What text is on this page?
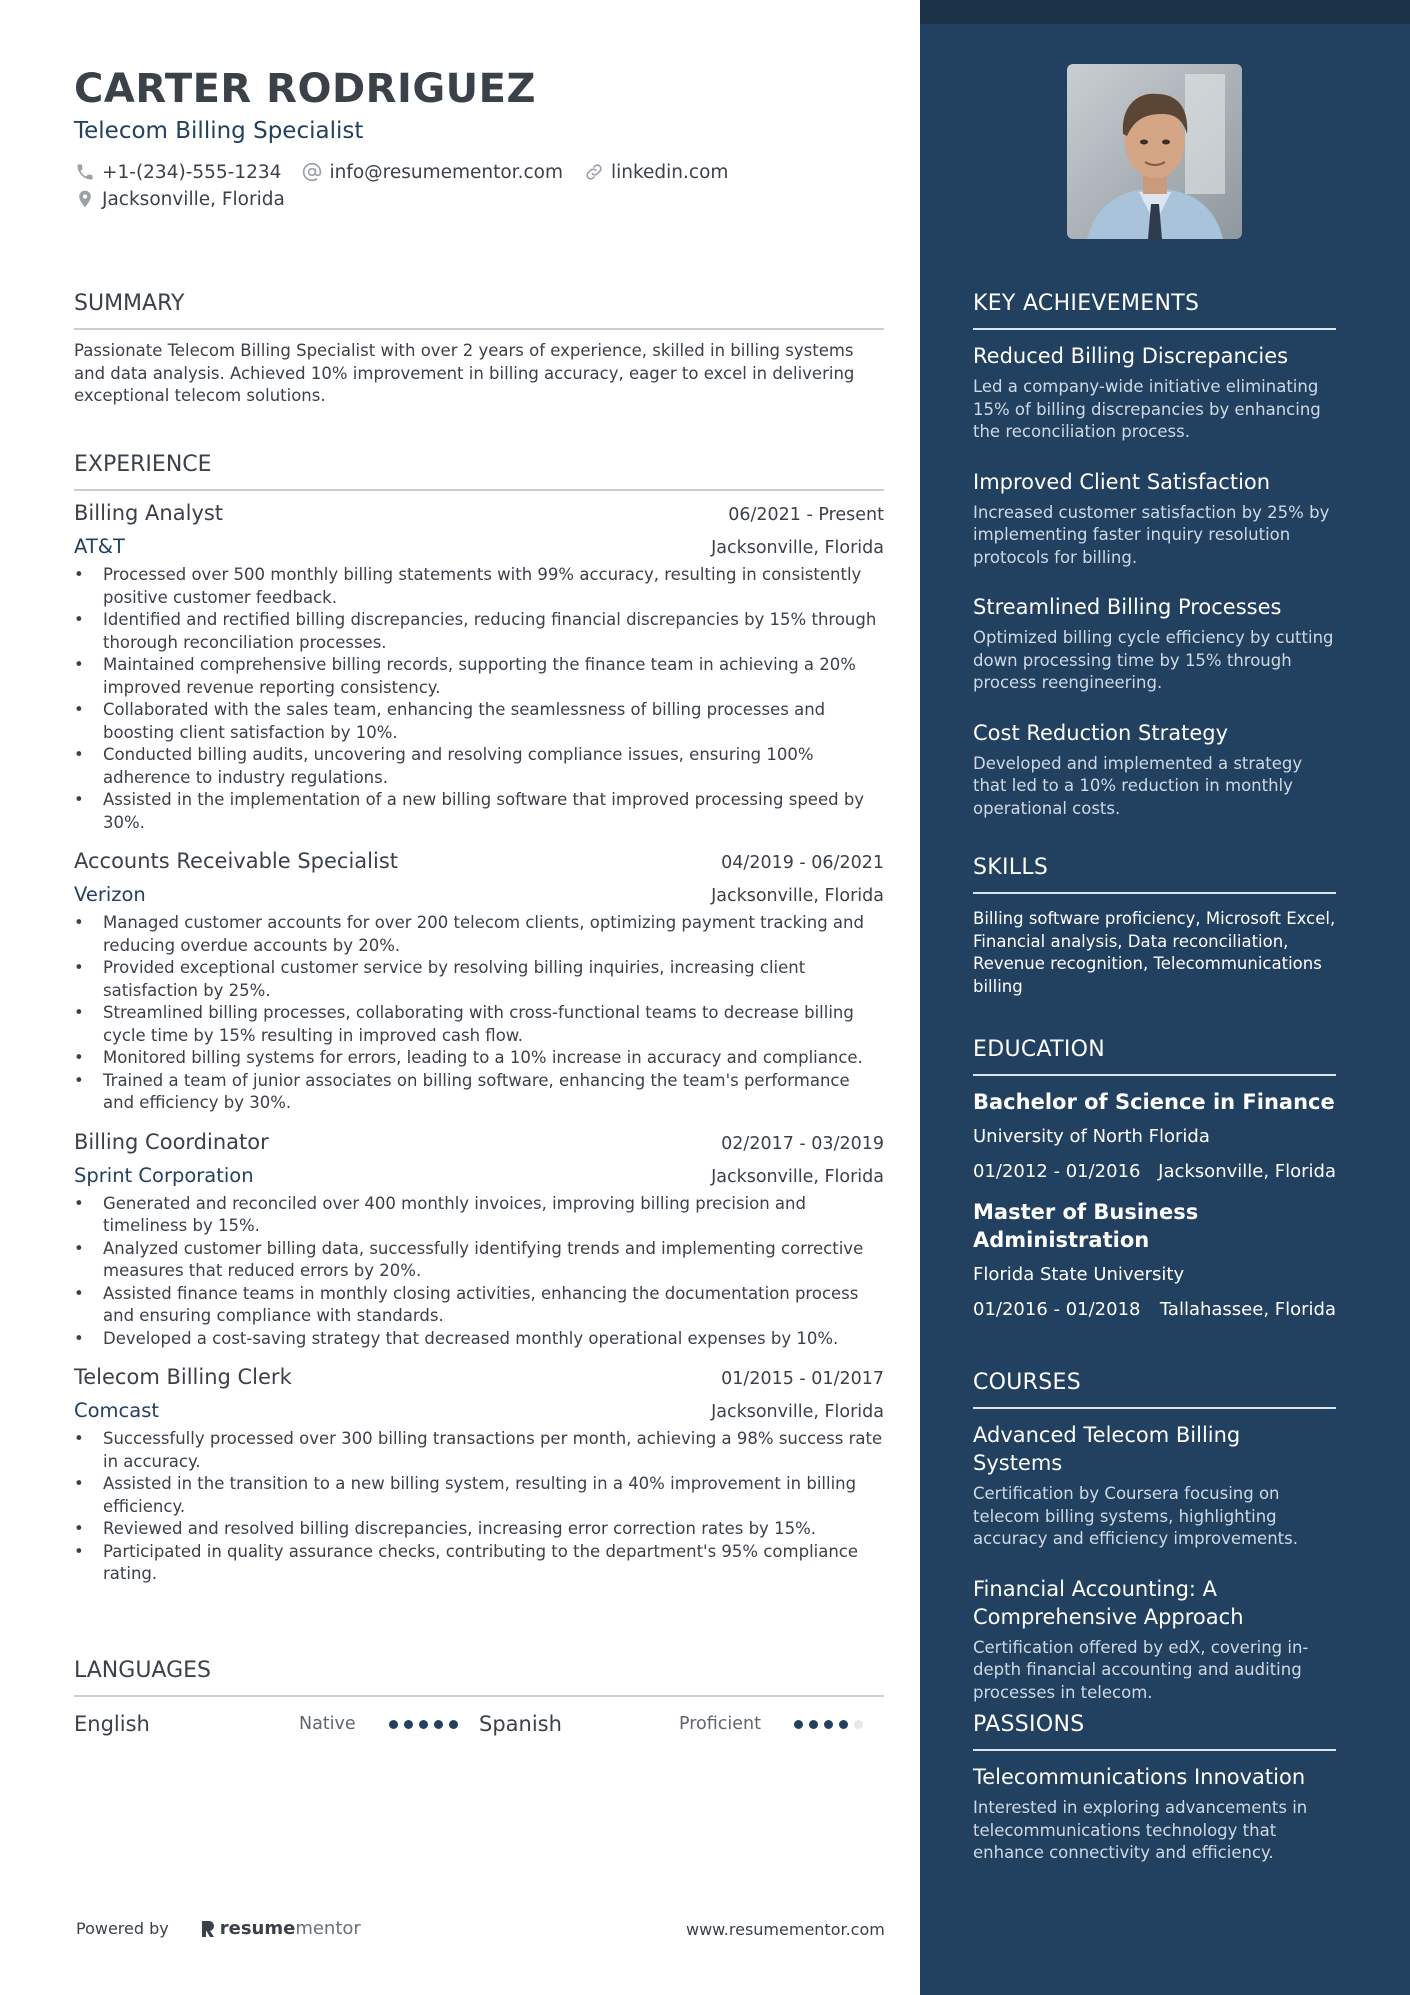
CARTER RODRIGUEZ
Telecom Billing Specialist
+1-(234)-555-1234	info@resumementor.com	linkedin.com
Jacksonville, Florida
SUMMARY
Passionate Telecom Billing Specialist with over 2 years of experience, skilled in billing systems and data analysis. Achieved 10% improvement in billing accuracy, eager to excel in delivering exceptional telecom solutions.
EXPERIENCE
Billing Analyst	06/2021 - Present
AT&T	Jacksonville, Florida
• Processed over 500 monthly billing statements with 99% accuracy, resulting in consistently positive customer feedback.
• Identified and rectified billing discrepancies, reducing financial discrepancies by 15% through thorough reconciliation processes.
• Maintained comprehensive billing records, supporting the finance team in achieving a 20% improved revenue reporting consistency.
• Collaborated with the sales team, enhancing the seamlessness of billing processes and boosting client satisfaction by 10%.
• Conducted billing audits, uncovering and resolving compliance issues, ensuring 100% adherence to industry regulations.
• Assisted in the implementation of a new billing software that improved processing speed by 30%.
Accounts Receivable Specialist	04/2019 - 06/2021
Verizon	Jacksonville, Florida
• Managed customer accounts for over 200 telecom clients, optimizing payment tracking and reducing overdue accounts by 20%.
• Provided exceptional customer service by resolving billing inquiries, increasing client satisfaction by 25%.
• Streamlined billing processes, collaborating with cross-functional teams to decrease billing cycle time by 15% resulting in improved cash flow.
• Monitored billing systems for errors, leading to a 10% increase in accuracy and compliance.
• Trained a team of junior associates on billing software, enhancing the team's performance and efficiency by 30%.
Billing Coordinator	02/2017 - 03/2019
Sprint Corporation	Jacksonville, Florida
• Generated and reconciled over 400 monthly invoices, improving billing precision and timeliness by 15%.
• Analyzed customer billing data, successfully identifying trends and implementing corrective measures that reduced errors by 20%.
• Assisted finance teams in monthly closing activities, enhancing the documentation process and ensuring compliance with standards.
• Developed a cost-saving strategy that decreased monthly operational expenses by 10%.
Telecom Billing Clerk	01/2015 - 01/2017
Comcast	Jacksonville, Florida
• Successfully processed over 300 billing transactions per month, achieving a 98% success rate in accuracy.
• Assisted in the transition to a new billing system, resulting in a 40% improvement in billing efficiency.
• Reviewed and resolved billing discrepancies, increasing error correction rates by 15%.
• Participated in quality assurance checks, contributing to the department's 95% compliance rating.
LANGUAGES
English	Native	Spanish	Proficient
Powered by	resume mentor	www.resumementor.com
KEY ACHIEVEMENTS
Reduced Billing Discrepancies
Led a company-wide initiative eliminating 15% of billing discrepancies by enhancing the reconciliation process.
Improved Client Satisfaction
Increased customer satisfaction by 25% by implementing faster inquiry resolution protocols for billing.
Streamlined Billing Processes
Optimized billing cycle efficiency by cutting down processing time by 15% through process reengineering.
Cost Reduction Strategy
Developed and implemented a strategy that led to a 10% reduction in monthly operational costs.
SKILLS
Billing software proficiency, Microsoft Excel, Financial analysis, Data reconciliation, Revenue recognition, Telecommunications billing
EDUCATION
Bachelor of Science in Finance
University of North Florida
01/2012 - 01/2016 Jacksonville, Florida
Master of Business Administration
Florida State University
01/2016 - 01/2018 Tallahassee, Florida
COURSES
Advanced Telecom Billing Systems
Certification by Coursera focusing on telecom billing systems, highlighting accuracy and efficiency improvements.
Financial Accounting: A Comprehensive Approach
Certification offered by edX, covering in-depth financial accounting and auditing processes in telecom.
PASSIONS
Telecommunications Innovation
Interested in exploring advancements in telecommunications technology that enhance connectivity and efficiency.
